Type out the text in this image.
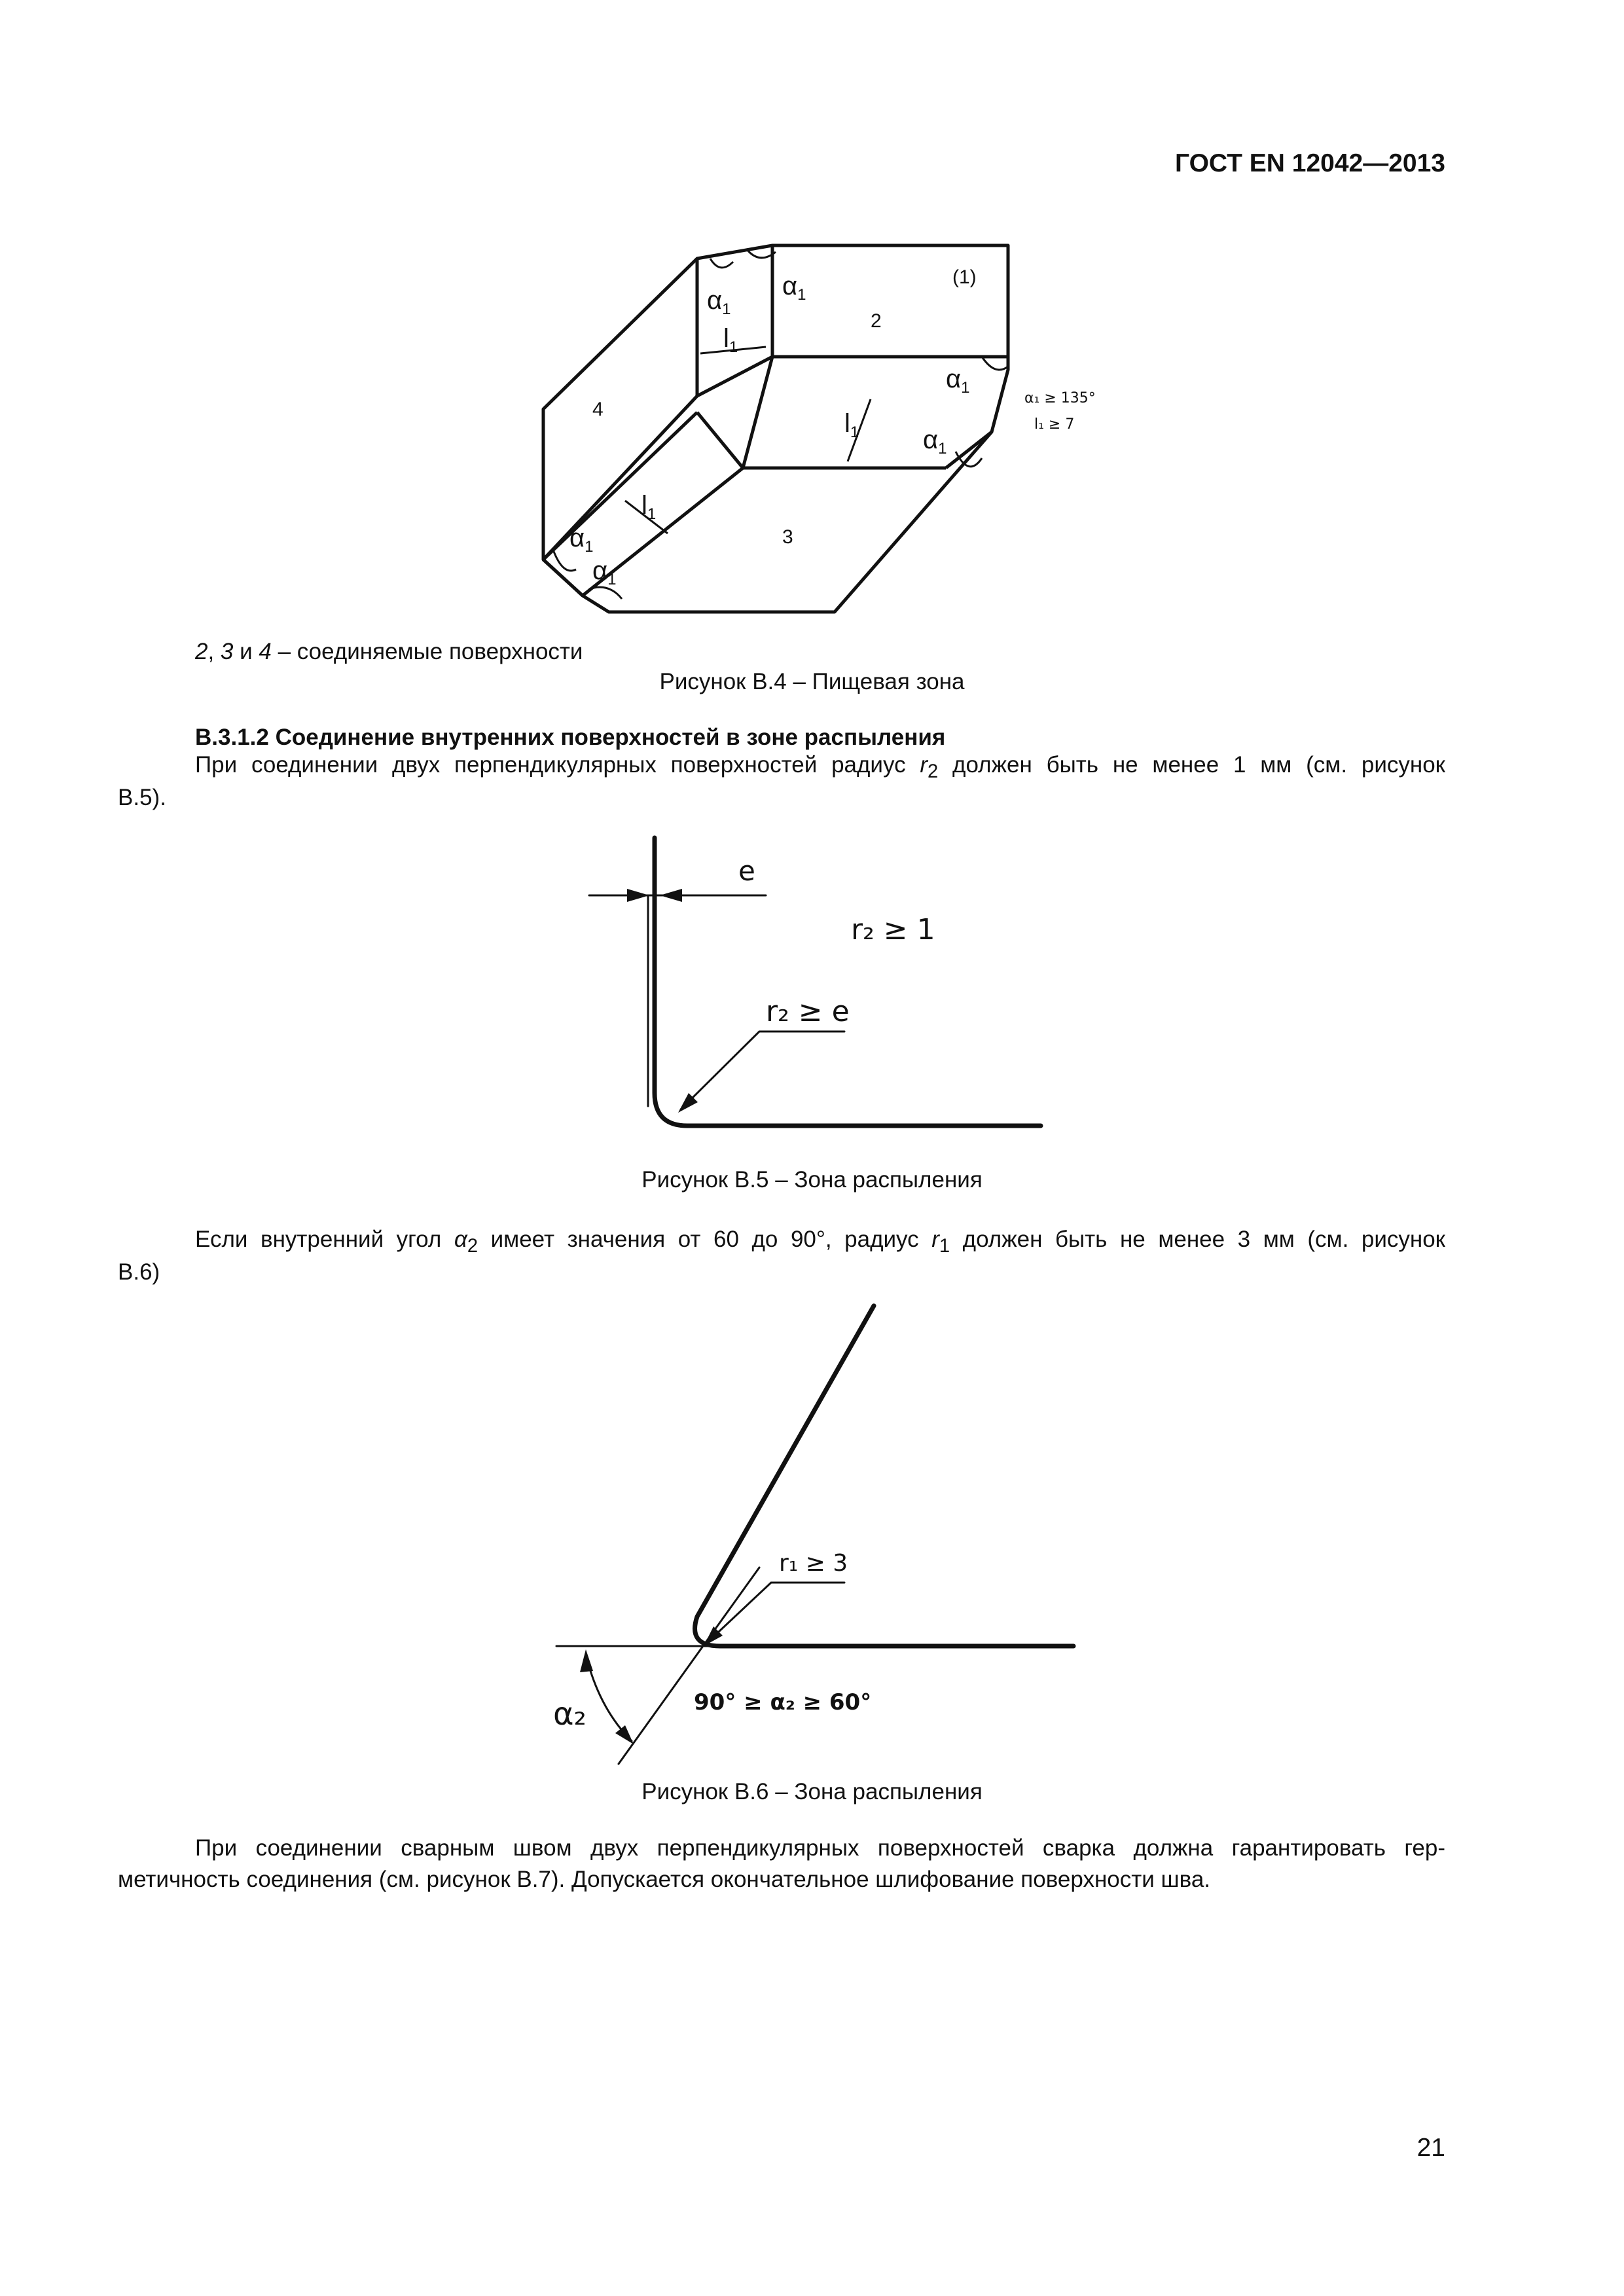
ГОСТ EN 12042—2013
(1)
2
3
4
$\alpha_1$
$\alpha_1$
$\alpha_1$
$\alpha_1$
$\alpha_1$
$\alpha_1$
$l_1$
$l_1$
$l_1$
α₁ ≥ 135°
l₁ ≥ 7
2, 3 и 4 – соединяемые поверхности
Рисунок В.4 – Пищевая зона
В.3.1.2 Соединение внутренних поверхностей в зоне распыления
При соединении двух перпендикулярных поверхностей радиус $r_2$ должен быть не менее 1 мм (см. рисунок
В.5).
e
r₂ ≥ 1
r₂ ≥ e
Рисунок В.5 – Зона распыления
Если внутренний угол $\alpha_2$ имеет значения от 60 до 90°, радиус $r_1$ должен быть не менее 3 мм (см. рисунок
В.6)
r₁ ≥ 3
90° ≥ α₂ ≥ 60°
α₂
Рисунок В.6 – Зона распыления
При соединении сварным швом двух перпендикулярных поверхностей сварка должна гарантировать гер-
метичность соединения (см. рисунок В.7). Допускается окончательное шлифование поверхности шва.
21
